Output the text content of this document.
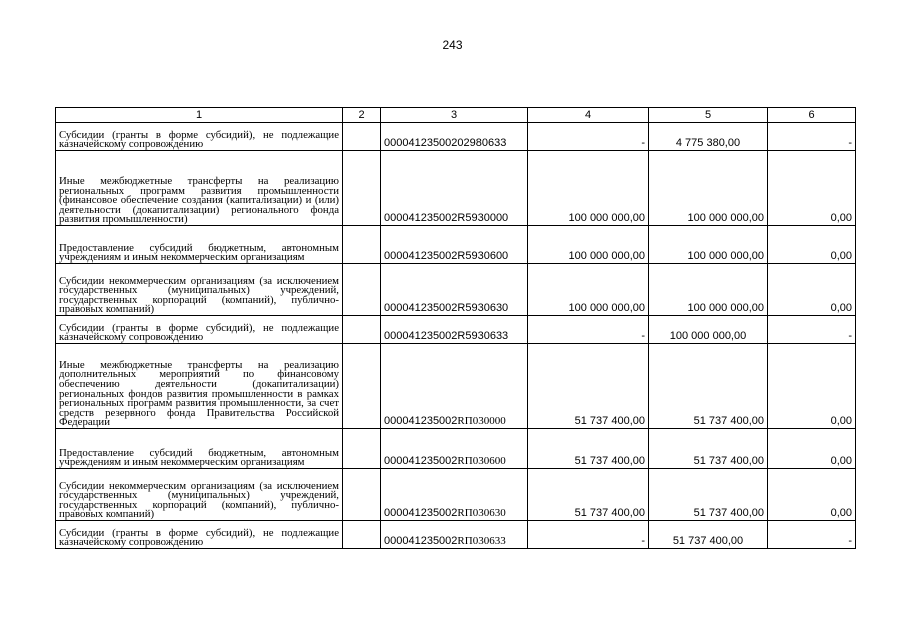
243
1	2	3	4	5	6
Субсидии (гранты в форме субсидий), не подлежащие казначейскому сопровождению		00004123500202980633	-	4 775 380,00	-
Иные межбюджетные трансферты на реализацию региональных программ развития промышленности (финансовое обеспечение создания (капитализации) и (или) деятельности (докапитализации) регионального фонда развития промышленности)		000041235002R5930000	100 000 000,00	100 000 000,00	0,00
Предоставление субсидий бюджетным, автономным учреждениям и иным некоммерческим организациям		000041235002R5930600	100 000 000,00	100 000 000,00	0,00
Субсидии некоммерческим организациям (за исключением государственных (муниципальных) учреждений, государственных корпораций (компаний), публично-правовых компаний)		000041235002R5930630	100 000 000,00	100 000 000,00	0,00
Субсидии (гранты в форме субсидий), не подлежащие казначейскому сопровождению		000041235002R5930633	-	100 000 000,00	-
Иные межбюджетные трансферты на реализацию дополнительных мероприятий по финансовому обеспечению деятельности (докапитализации) региональных фондов развития промышленности в рамках региональных программ развития промышленности, за счет средств резервного фонда Правительства Российской Федерации		000041235002RП030000	51 737 400,00	51 737 400,00	0,00
Предоставление субсидий бюджетным, автономным учреждениям и иным некоммерческим организациям		000041235002RП030600	51 737 400,00	51 737 400,00	0,00
Субсидии некоммерческим организациям (за исключением государственных (муниципальных) учреждений, государственных корпораций (компаний), публично-правовых компаний)		000041235002RП030630	51 737 400,00	51 737 400,00	0,00
Субсидии (гранты в форме субсидий), не подлежащие казначейскому сопровождению		000041235002RП030633	-	51 737 400,00	-
